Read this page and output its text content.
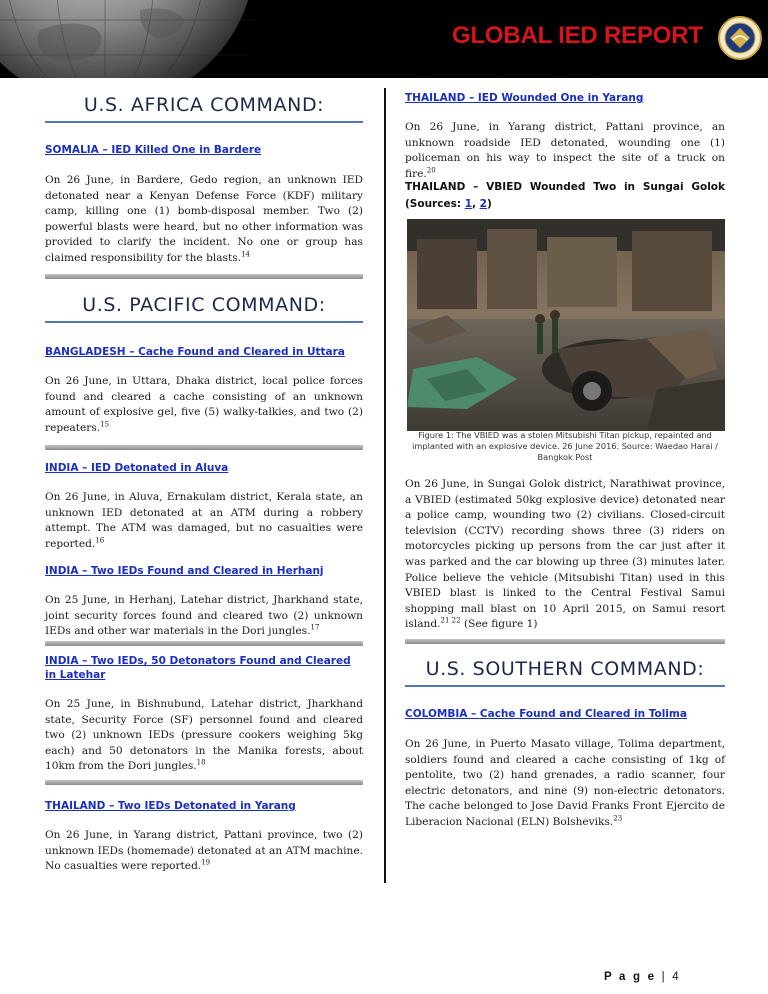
GLOBAL IED REPORT
U.S. AFRICA COMMAND:

SOMALIA – IED Killed One in Bardere

On 26 June, in Bardere, Gedo region, an unknown IED detonated near a Kenyan Defense Force (KDF) military camp, killing one (1) bomb-disposal member. Two (2) powerful blasts were heard, but no other information was provided to clarify the incident. No one or group has claimed responsibility for the blasts.$^{14}$

U.S. PACIFIC COMMAND:

BANGLADESH – Cache Found and Cleared in Uttara

On 26 June, in Uttara, Dhaka district, local police forces found and cleared a cache consisting of an unknown amount of explosive gel, five (5) walky-talkies, and two (2) repeaters.$^{15}$

INDIA – IED Detonated in Aluva

On 26 June, in Aluva, Ernakulam district, Kerala state, an unknown IED detonated at an ATM during a robbery attempt. The ATM was damaged, but no casualties were reported.$^{16}$

INDIA – Two IEDs Found and Cleared in Herhanj

On 25 June, in Herhanj, Latehar district, Jharkhand state, joint security forces found and cleared two (2) unknown IEDs and other war materials in the Dori jungles.$^{17}$

INDIA – Two IEDs, 50 Detonators Found and Cleared in Latehar

On 25 June, in Bishnubund, Latehar district, Jharkhand state, Security Force (SF) personnel found and cleared two (2) unknown IEDs (pressure cookers weighing 5kg each) and 50 detonators in the Manika forests, about 10km from the Dori jungles.$^{18}$

THAILAND – Two IEDs Detonated in Yarang

On 26 June, in Yarang district, Pattani province, two (2) unknown IEDs (homemade) detonated at an ATM machine. No casualties were reported.$^{19}$

THAILAND – IED Wounded One in Yarang

On 26 June, in Yarang district, Pattani province, an unknown roadside IED detonated, wounding one (1) policeman on his way to inspect the site of a truck on fire.$^{20}$

THAILAND – VBIED Wounded Two in Sungai Golok (Sources: 1, 2)

Figure 1: The VBIED was a stolen Mitsubishi Titan pickup, repainted and implanted with an explosive device. 26 June 2016. Source: Waedao Harai / Bangkok Post

On 26 June, in Sungai Golok district, Narathiwat province, a VBIED (estimated 50kg explosive device) detonated near a police camp, wounding two (2) civilians. Closed-circuit television (CCTV) recording shows three (3) riders on motorcycles picking up persons from the car just after it was parked and the car blowing up three (3) minutes later. Police believe the vehicle (Mitsubishi Titan) used in this VBIED blast is linked to the Central Festival Samui shopping mall blast on 10 April 2015, on Samui resort island.$^{21 22}$ (See figure 1)

U.S. SOUTHERN COMMAND:

COLOMBIA – Cache Found and Cleared in Tolima

On 26 June, in Puerto Masato village, Tolima department, soldiers found and cleared a cache consisting of 1kg of pentolite, two (2) hand grenades, a radio scanner, four electric detonators, and nine (9) non-electric detonators. The cache belonged to Jose David Franks Front Ejercito de Liberacion Nacional (ELN) Bolsheviks.$^{23}$

P a g e | 4
